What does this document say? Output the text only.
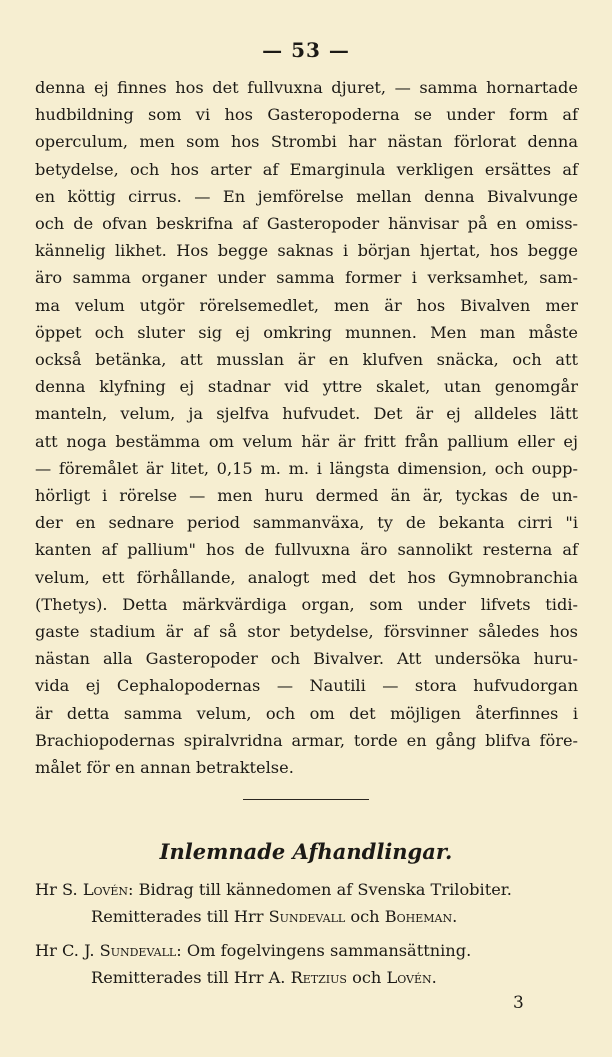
— 53 —
denna ej finnes hos det fullvuxna djuret, — samma hornartade
hudbildning som vi hos Gasteropoderna se under form af
operculum, men som hos Strombi har nästan förlorat denna
betydelse, och hos arter af Emarginula verkligen ersättes af
en köttig cirrus. — En jemförelse mellan denna Bivalvunge
och de ofvan beskrifna af Gasteropoder hänvisar på en omiss-
kännelig likhet. Hos begge saknas i början hjertat, hos begge
äro samma organer under samma former i verksamhet, sam-
ma velum utgör rörelsemedlet, men är hos Bivalven mer
öppet och sluter sig ej omkring munnen. Men man måste
också betänka, att musslan är en klufven snäcka, och att
denna klyfning ej stadnar vid yttre skalet, utan genomgår
manteln, velum, ja sjelfva hufvudet. Det är ej alldeles lätt
att noga bestämma om velum här är fritt från pallium eller ej
— föremålet är litet, 0,15 m. m. i längsta dimension, och oupp-
hörligt i rörelse — men huru dermed än är, tyckas de un-
der en sednare period sammanväxa, ty de bekanta cirri "i
kanten af pallium" hos de fullvuxna äro sannolikt resterna af
velum, ett förhållande, analogt med det hos Gymnobranchia
(Thetys). Detta märkvärdiga organ, som under lifvets tidi-
gaste stadium är af så stor betydelse, försvinner således hos
nästan alla Gasteropoder och Bivalver. Att undersöka huru-
vida ej Cephalopodernas — Nautili — stora hufvudorgan
är detta samma velum, och om det möjligen återfinnes i
Brachiopodernas spiralvridna armar, torde en gång blifva före-
målet för en annan betraktelse.
Inlemnade Afhandlingar.
Hr S. Lovén: Bidrag till kännedomen af Svenska Trilobiter.
Remitterades till Hrr Sundevall och Boheman.
Hr C. J. Sundevall: Om fogelvingens sammansättning.
Remitterades till Hrr A. Retzius och Lovén.
3
